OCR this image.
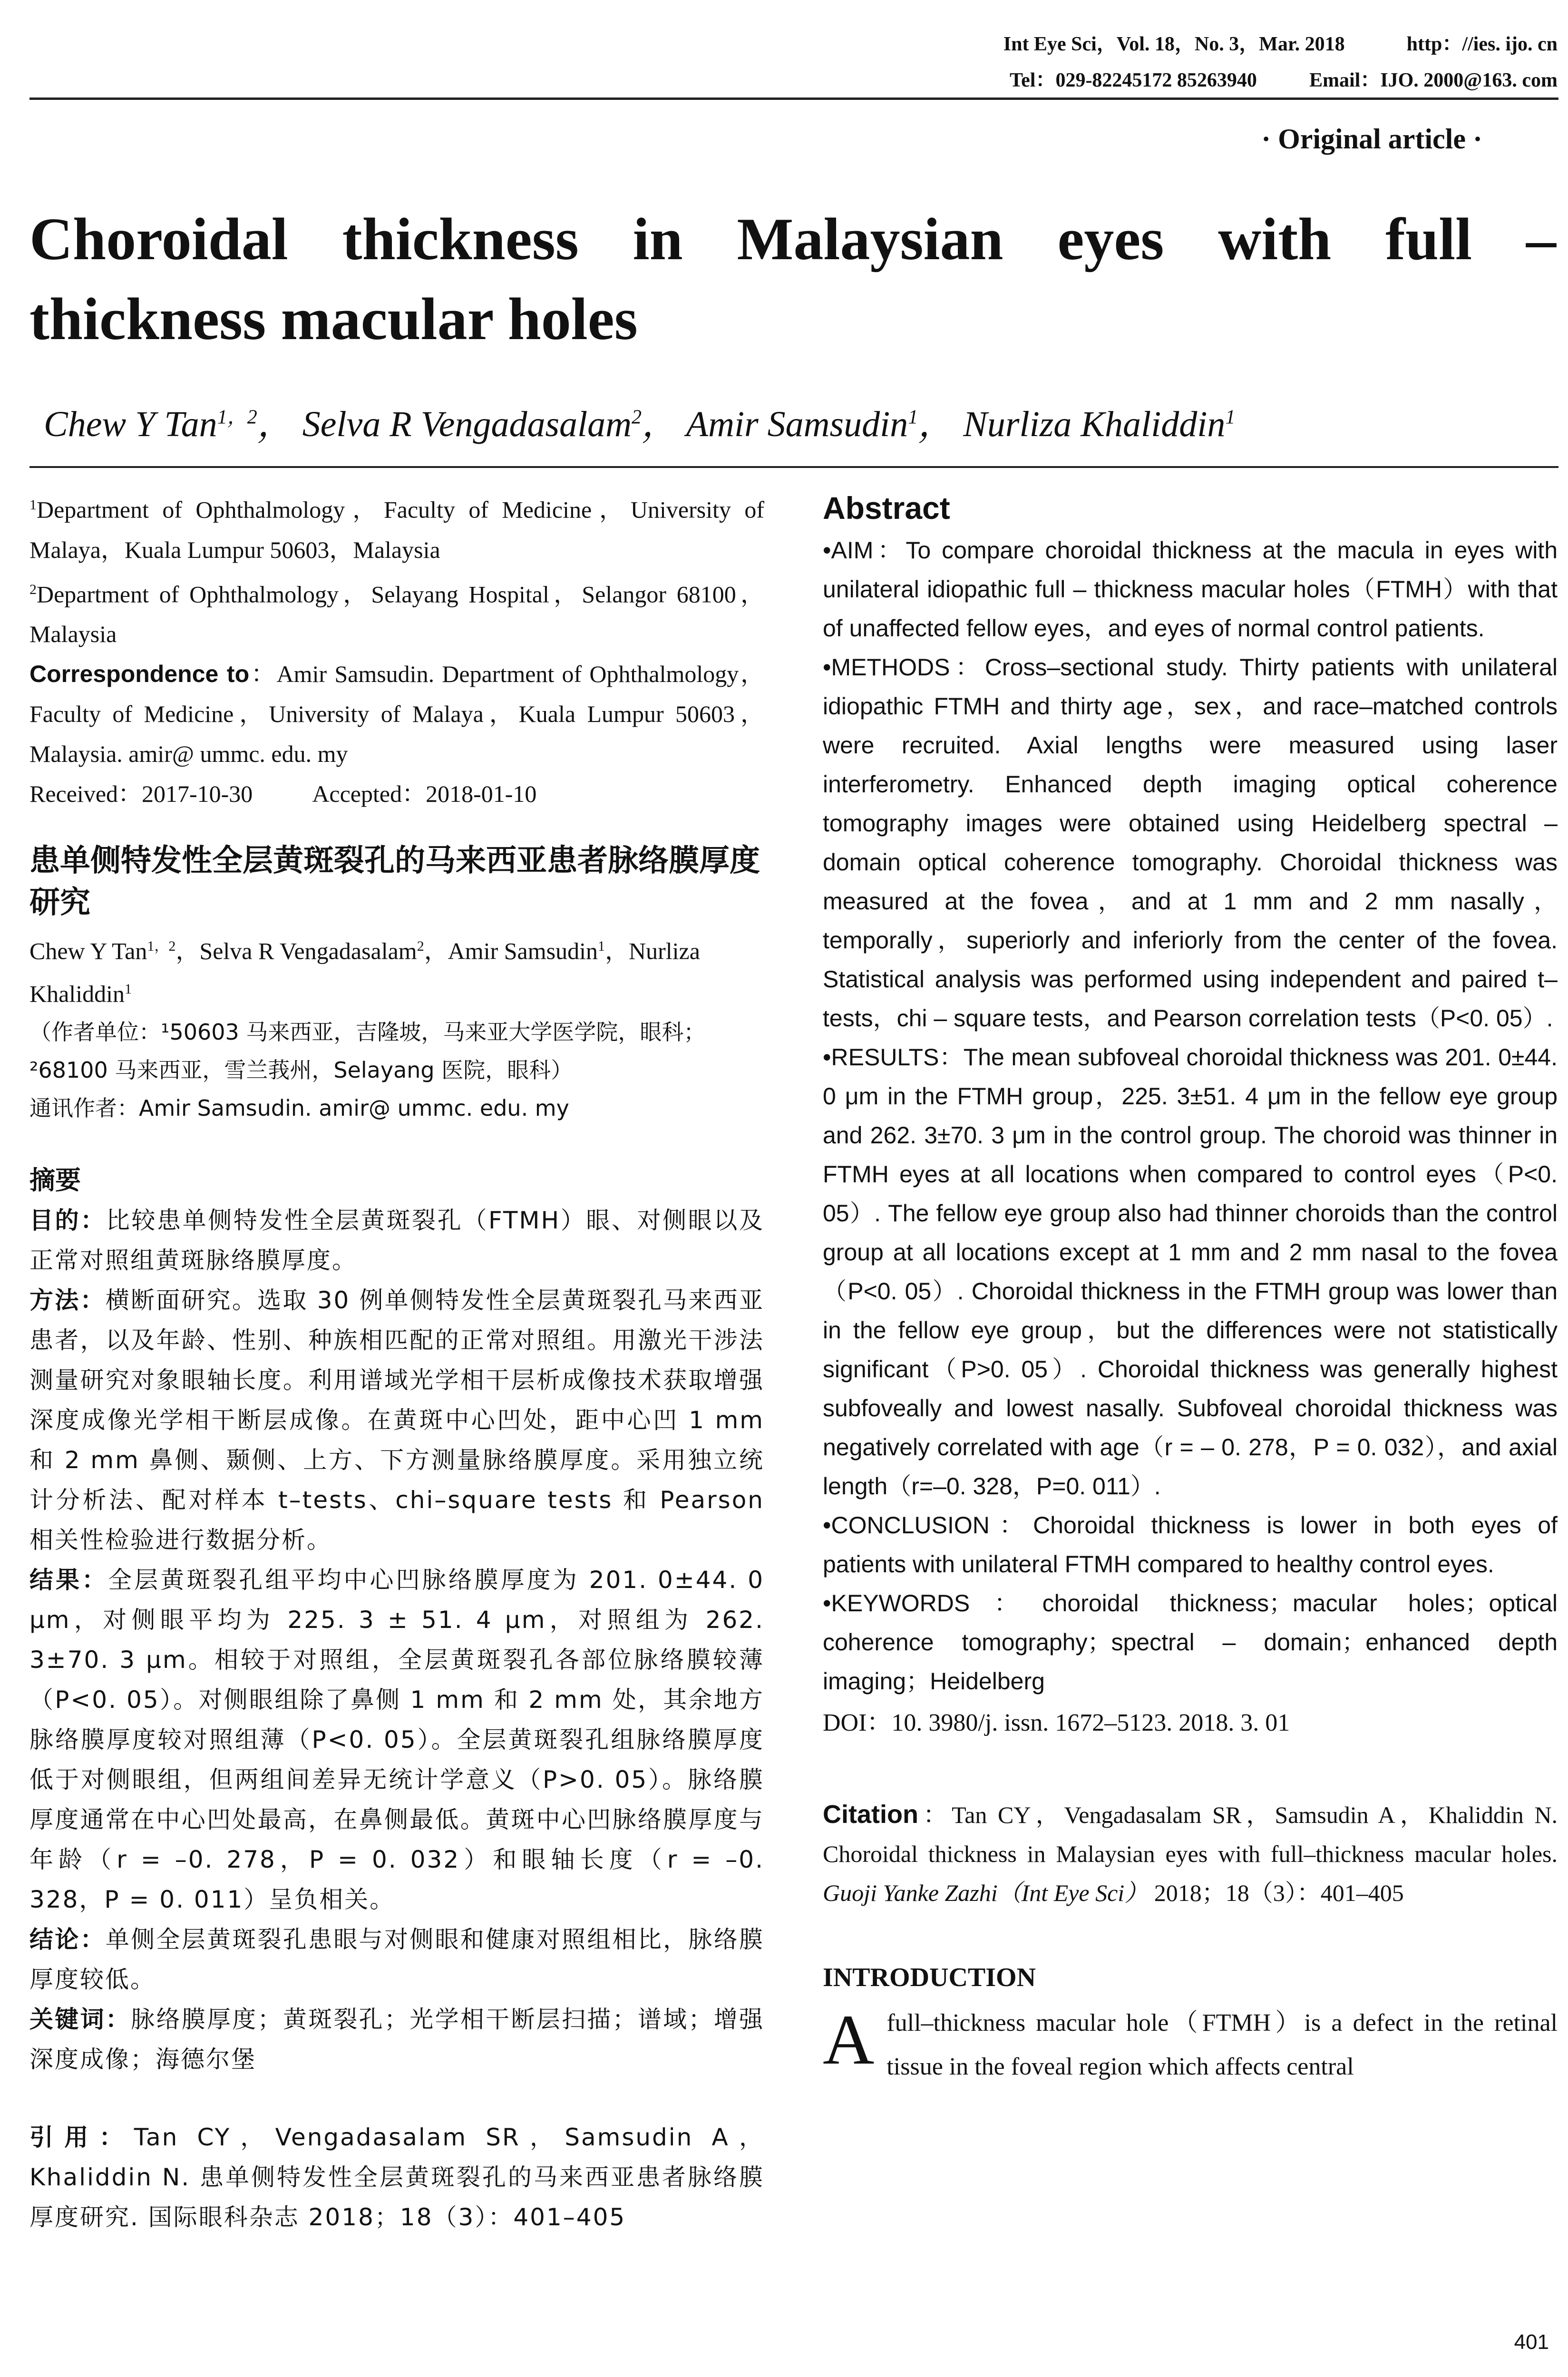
Int Eye Sci，Vol. 18，No. 3，Mar. 2018	http：//ies. ijo. cn
Tel：029-82245172 85263940	Email：IJO. 2000@163. com
· Original article ·
Choroidal thickness in Malaysian eyes with full –
thickness macular holes
Chew Y Tan$^{1,2}$， Selva R Vengadasalam$^2$， Amir Samsudin$^1$， Nurliza Khaliddin$^1$

$^1$Department of Ophthalmology，Faculty of Medicine，University of Malaya，Kuala Lumpur 50603，Malaysia

$^2$Department of Ophthalmology，Selayang Hospital，Selangor 68100，Malaysia

Correspondence to：Amir Samsudin. Department of Ophthalmology，Faculty of Medicine，University of Malaya，Kuala Lumpur 50603，Malaysia. amir@ ummc. edu. my

Received：2017-10-30	Accepted：2018-01-10

患单侧特发性全层黄斑裂孔的马来西亚患者脉络膜厚度研究
Chew Y Tan$^{1,2}$，Selva R Vengadasalam$^2$，Amir Samsudin$^1$，Nurliza Khaliddin$^1$
（作者单位：¹50603 马来西亚，吉隆坡，马来亚大学医学院，眼科；²68100 马来西亚，雪兰莪州，Selayang 医院，眼科）
通讯作者：Amir Samsudin. amir@ ummc. edu. my
摘要

目的：比较患单侧特发性全层黄斑裂孔（FTMH）眼、对侧眼以及正常对照组黄斑脉络膜厚度。

方法：横断面研究。选取 30 例单侧特发性全层黄斑裂孔马来西亚患者，以及年龄、性别、种族相匹配的正常对照组。用激光干涉法测量研究对象眼轴长度。利用谱域光学相干层析成像技术获取增强深度成像光学相干断层成像。在黄斑中心凹处，距中心凹 1 mm 和 2 mm 鼻侧、颞侧、上方、下方测量脉络膜厚度。采用独立统计分析法、配对样本 t–tests、chi–square tests 和 Pearson 相关性检验进行数据分析。

结果：全层黄斑裂孔组平均中心凹脉络膜厚度为 201. 0±44. 0 μm，对侧眼平均为 225. 3 ± 51. 4 μm，对照组为 262. 3±70. 3 μm。相较于对照组，全层黄斑裂孔各部位脉络膜较薄（P<0. 05）。对侧眼组除了鼻侧 1 mm 和 2 mm 处，其余地方脉络膜厚度较对照组薄（P<0. 05）。全层黄斑裂孔组脉络膜厚度低于对侧眼组，但两组间差异无统计学意义（P>0. 05）。脉络膜厚度通常在中心凹处最高，在鼻侧最低。黄斑中心凹脉络膜厚度与年龄（r = –0. 278，P = 0. 032）和眼轴长度（r = –0. 328，P = 0. 011）呈负相关。

结论：单侧全层黄斑裂孔患眼与对侧眼和健康对照组相比，脉络膜厚度较低。

关键词：脉络膜厚度；黄斑裂孔；光学相干断层扫描；谱域；增强深度成像；海德尔堡

引用：Tan CY，Vengadasalam SR，Samsudin A，Khaliddin N. 患单侧特发性全层黄斑裂孔的马来西亚患者脉络膜厚度研究. 国际眼科杂志 2018；18（3）：401–405

Abstract

•AIM：To compare choroidal thickness at the macula in eyes with unilateral idiopathic full – thickness macular holes（FTMH）with that of unaffected fellow eyes，and eyes of normal control patients.

•METHODS：Cross–sectional study. Thirty patients with unilateral idiopathic FTMH and thirty age，sex，and race–matched controls were recruited. Axial lengths were measured using laser interferometry. Enhanced depth imaging optical coherence tomography images were obtained using Heidelberg spectral – domain optical coherence tomography. Choroidal thickness was measured at the fovea，and at 1 mm and 2 mm nasally，temporally，superiorly and inferiorly from the center of the fovea. Statistical analysis was performed using independent and paired t–tests，chi – square tests，and Pearson correlation tests（P<0. 05）.

•RESULTS：The mean subfoveal choroidal thickness was 201. 0±44. 0 μm in the FTMH group，225. 3±51. 4 μm in the fellow eye group and 262. 3±70. 3 μm in the control group. The choroid was thinner in FTMH eyes at all locations when compared to control eyes（P<0. 05）. The fellow eye group also had thinner choroids than the control group at all locations except at 1 mm and 2 mm nasal to the fovea（P<0. 05）. Choroidal thickness in the FTMH group was lower than in the fellow eye group，but the differences were not statistically significant（P>0. 05）. Choroidal thickness was generally highest subfoveally and lowest nasally. Subfoveal choroidal thickness was negatively correlated with age（r = – 0. 278，P = 0. 032），and axial length（r=–0. 328，P=0. 011）.

•CONCLUSION：Choroidal thickness is lower in both eyes of patients with unilateral FTMH compared to healthy control eyes.

•KEYWORDS：choroidal thickness；macular holes；optical coherence tomography；spectral – domain；enhanced depth imaging；Heidelberg

DOI：10. 3980/j. issn. 1672–5123. 2018. 3. 01
Citation：Tan CY，Vengadasalam SR，Samsudin A，Khaliddin N. Choroidal thickness in Malaysian eyes with full–thickness macular holes. Guoji Yanke Zazhi（Int Eye Sci） 2018；18（3）：401–405
INTRODUCTION
Afull–thickness macular hole（FTMH）is a defect in the retinal tissue in the foveal region which affects central
401
